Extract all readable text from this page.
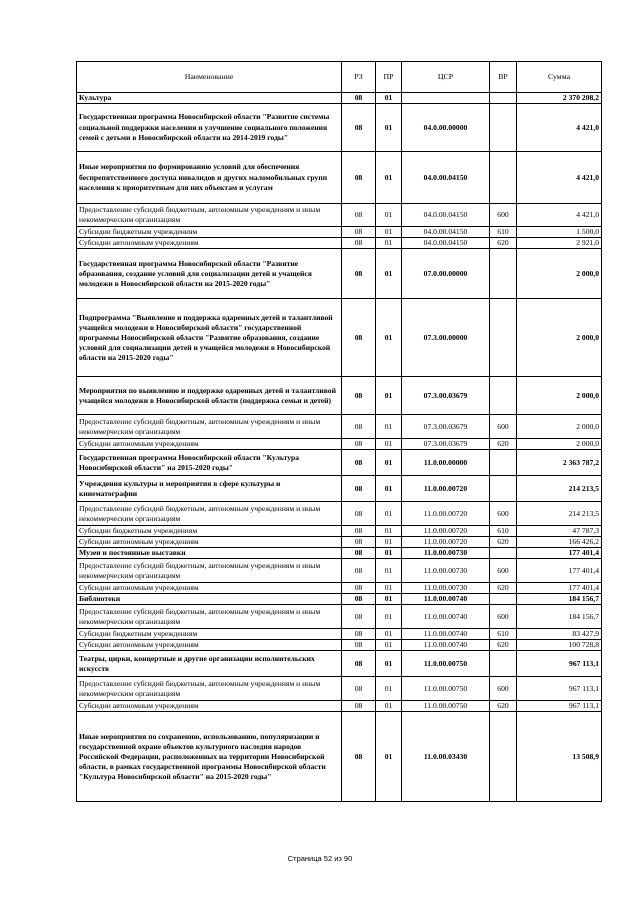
Наименование	РЗ	ПР	ЦСР	ВР	Сумма
Культура	08	01			2 370 208,2
Государственная программа Новосибирской области "Развитие системы социальной поддержки населения и улучшение социального положения семей с детьми в Новосибирской области на 2014-2019 годы"	08	01	04.0.00.00000		4 421,0
Иные мероприятия по формированию условий для обеспечения беспрепятственного доступа инвалидов и других маломобильных групп населения к приоритетным для них объектам и услугам	08	01	04.0.00.04150		4 421,0
Предоставление субсидий бюджетным, автономным учреждениям и иным некоммерческим организациям	08	01	04.0.00.04150	600	4 421,0
Субсидии бюджетным учреждениям	08	01	04.0.00.04150	610	1 500,0
Субсидии автономным учреждениям	08	01	04.0.00.04150	620	2 921,0
Государственная программа Новосибирской области "Развитие образования, создание условий для социализации детей и учащейся молодежи в Новосибирской области на 2015-2020 годы"	08	01	07.0.00.00000		2 000,0
Подпрограмма "Выявление и поддержка одаренных детей и талантливой учащейся молодежи в Новосибирской области" государственной программы Новосибирской области "Развитие образования, создание условий для социализации детей и учащейся молодежи в Новосибирской области на 2015-2020 годы"	08	01	07.3.00.00000		2 000,0
Мероприятия по выявлению и поддержке одаренных детей и талантливой учащейся молодежи в Новосибирской области (поддержка семьи и детей)	08	01	07.3.00.03679		2 000,0
Предоставление субсидий бюджетным, автономным учреждениям и иным некоммерческим организациям	08	01	07.3.00.03679	600	2 000,0
Субсидии автономным учреждениям	08	01	07.3.00.03679	620	2 000,0
Государственная программа Новосибирской области "Культура Новосибирской области" на 2015-2020 годы"	08	01	11.0.00.00000		2 363 787,2
Учреждения культуры и мероприятия в сфере культуры и кинематографии	08	01	11.0.00.00720		214 213,5
Предоставление субсидий бюджетным, автономным учреждениям и иным некоммерческим организациям	08	01	11.0.00.00720	600	214 213,5
Субсидии бюджетным учреждениям	08	01	11.0.00.00720	610	47 787,3
Субсидии автономным учреждениям	08	01	11.0.00.00720	620	166 426,2
Музеи и постоянные выставки	08	01	11.0.00.00730		177 401,4
Предоставление субсидий бюджетным, автономным учреждениям и иным некоммерческим организациям	08	01	11.0.00.00730	600	177 401,4
Субсидии автономным учреждениям	08	01	11.0.00.00730	620	177 401,4
Библиотеки	08	01	11.0.00.00740		184 156,7
Предоставление субсидий бюджетным, автономным учреждениям и иным некоммерческим организациям	08	01	11.0.00.00740	600	184 156,7
Субсидии бюджетным учреждениям	08	01	11.0.00.00740	610	83 427,9
Субсидии автономным учреждениям	08	01	11.0.00.00740	620	100 728,8
Театры, цирки, концертные и другие организации исполнительских искусств	08	01	11.0.00.00750		967 113,1
Предоставление субсидий бюджетным, автономным учреждениям и иным некоммерческим организациям	08	01	11.0.00.00750	600	967 113,1
Субсидии автономным учреждениям	08	01	11.0.00.00750	620	967 113,1
Иные мероприятия по сохранению, использованию, популяризации и государственной охране объектов культурного наследия народов Российской Федерации, расположенных на территории Новосибирской области, в рамках государственной программы Новосибирской области "Культура Новосибирской области" на 2015-2020 годы"	08	01	11.0.00.03430		13 508,9
Страница 52 из 90
